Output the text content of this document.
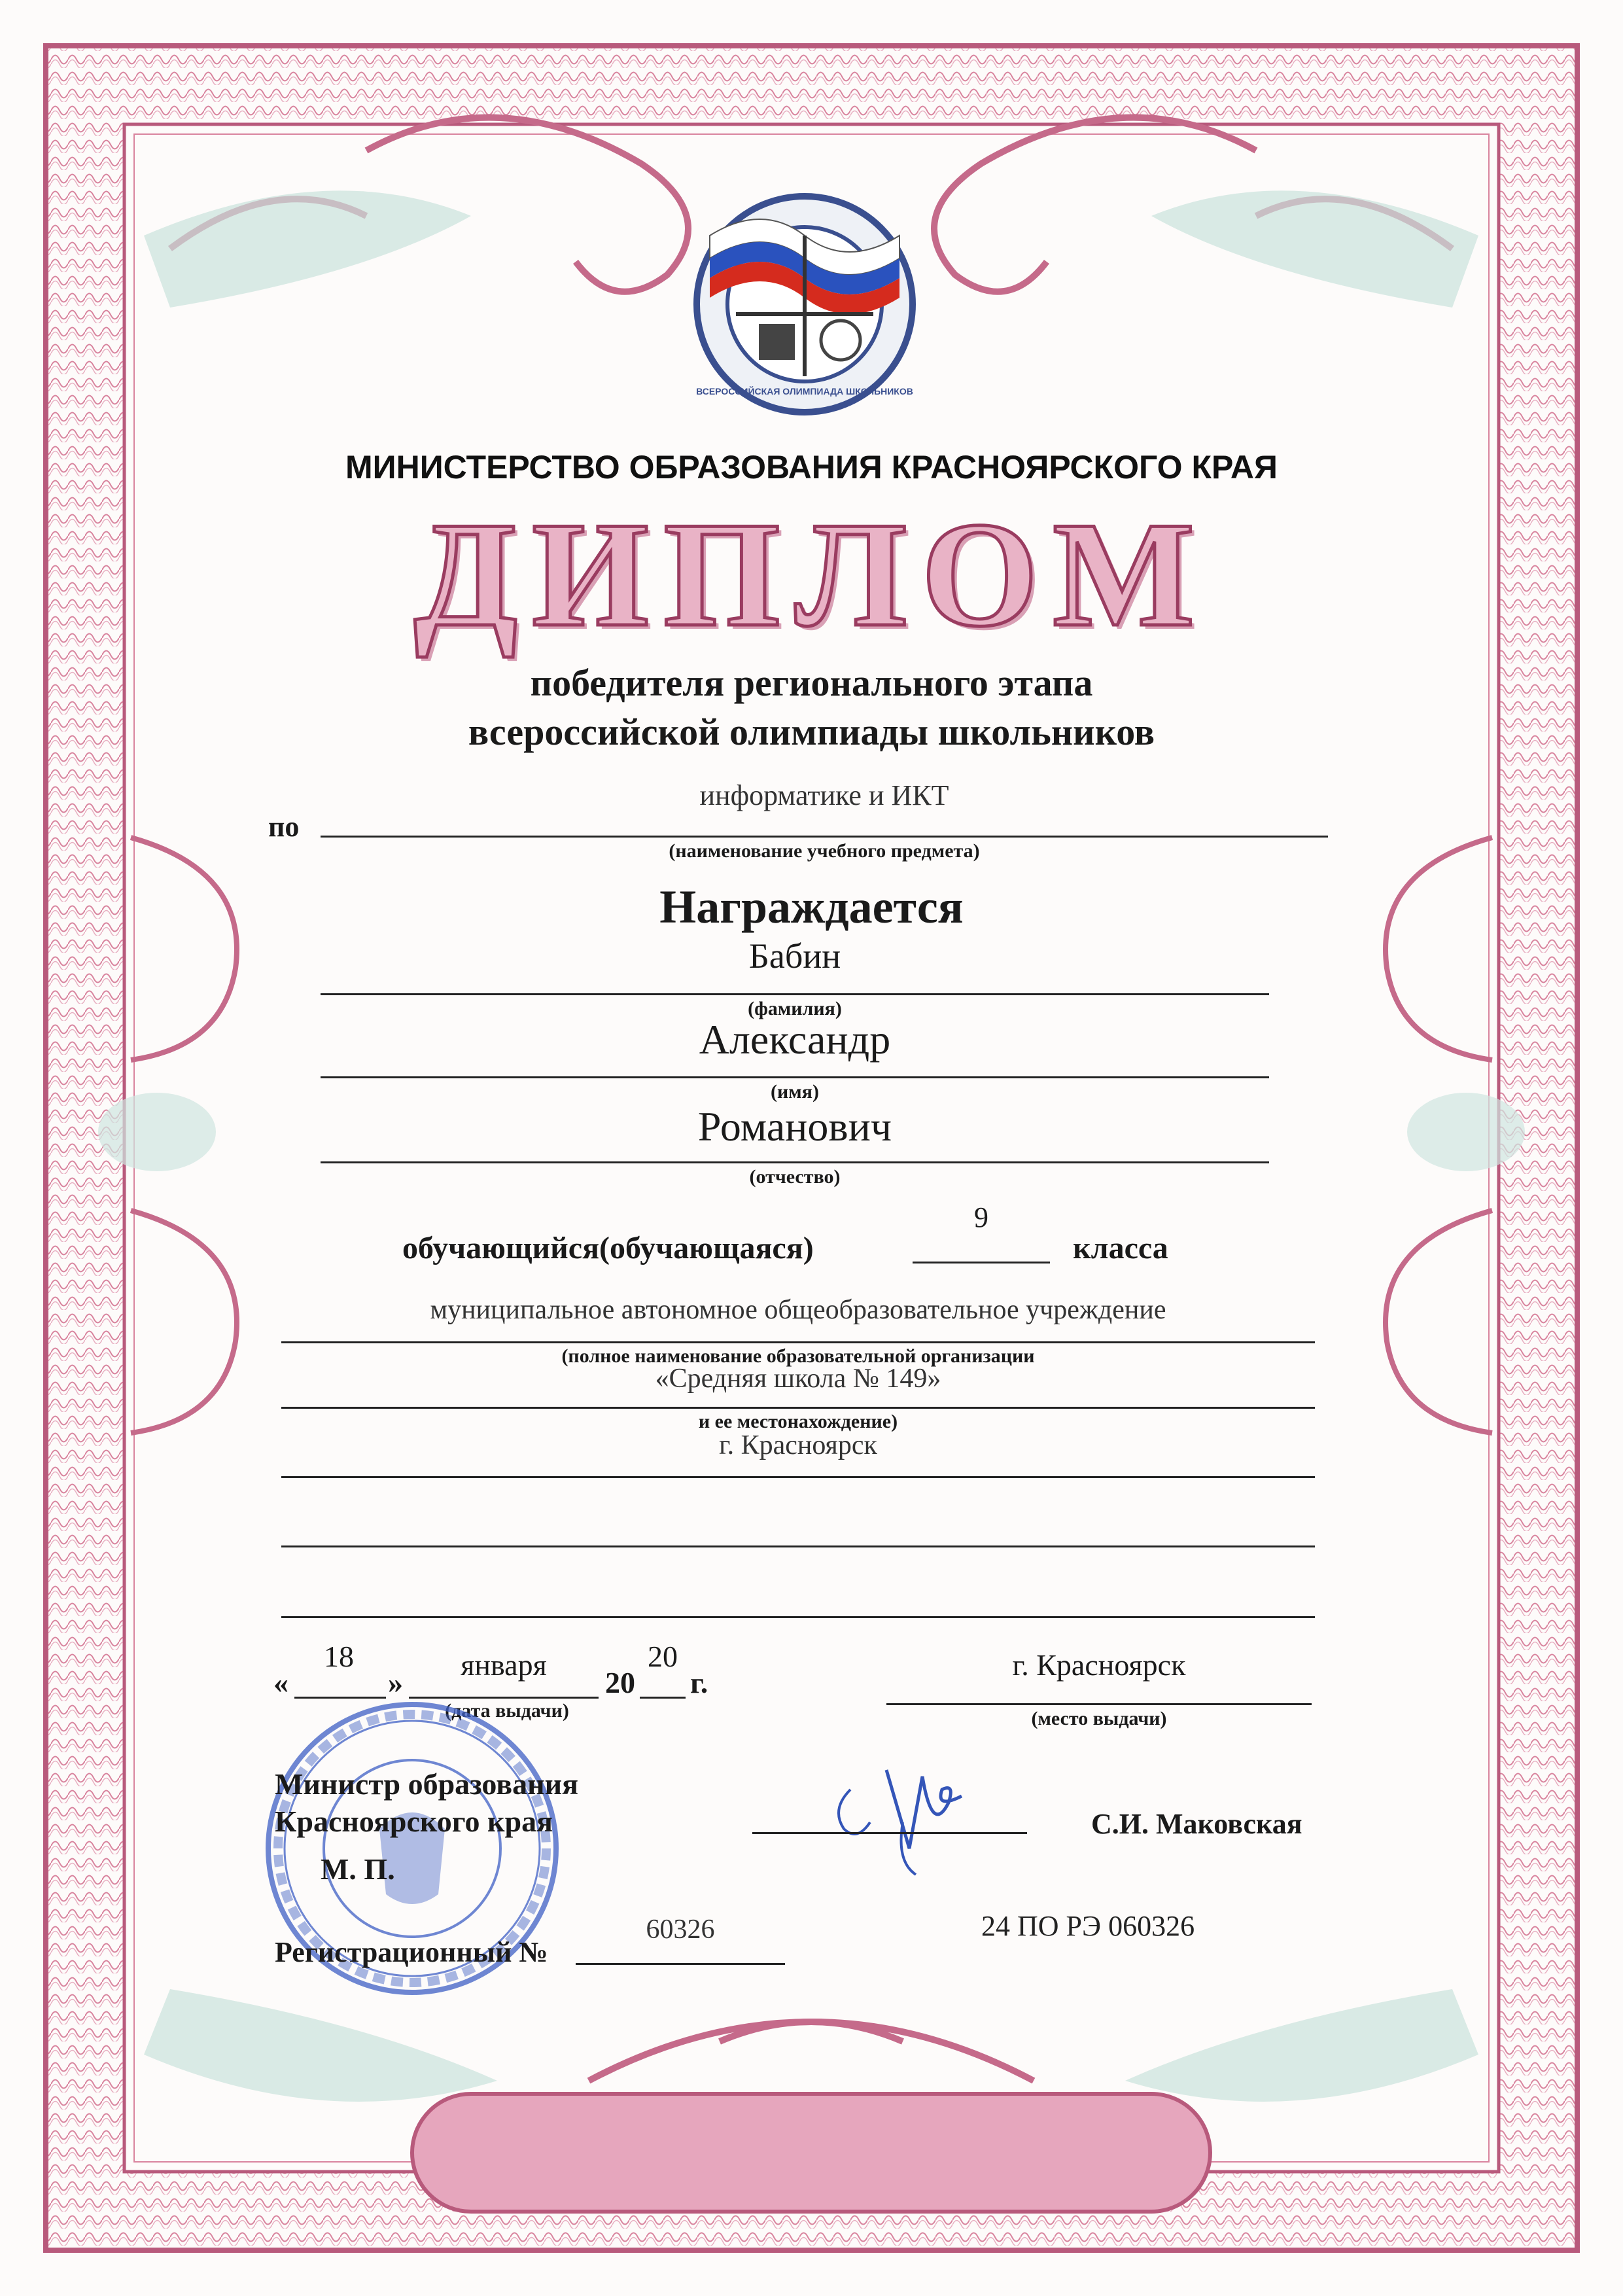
ВСЕРОССИЙСКАЯ ОЛИМПИАДА ШКОЛЬНИКОВ
МИНИСТЕРСТВО ОБРАЗОВАНИЯ КРАСНОЯРСКОГО КРАЯ
ДИПЛОМ
победителя регионального этапа
всероссийской олимпиады школьников
по
информатике и ИКТ
(наименование учебного предмета)
Награждается
Бабин
(фамилия)
Александр
(имя)
Романович
(отчество)
обучающийся(обучающаяся)
9
класса
муниципальное автономное общеобразовательное учреждение
(полное наименование образовательной организации
«Средняя школа № 149»
и ее местонахождение)
г. Красноярск
«
18
»
января
20
20
г.
(дата выдачи)
г. Красноярск
(место выдачи)
Министр образования
Красноярского края
М. П.
С.И. Маковская
Регистрационный №
60326	24 ПО РЭ 060326
